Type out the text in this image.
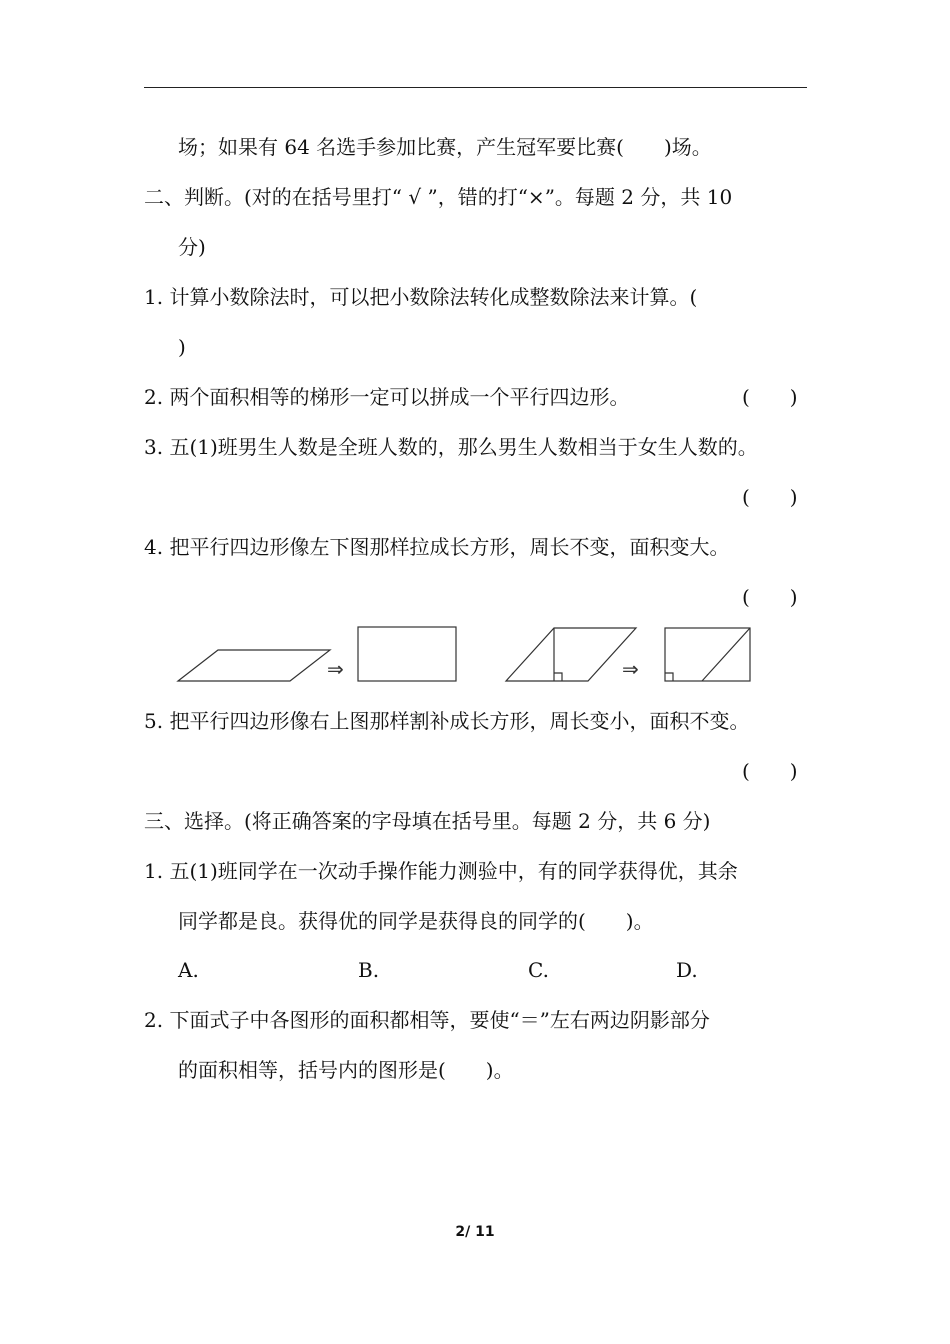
场；如果有 64 名选手参加比赛，产生冠军要比赛(　　)场。
二、判断。(对的在括号里打“ √ ”，错的打“×”。每题 2 分，共 10
分)
1. 计算小数除法时，可以把小数除法转化成整数除法来计算。(
)
2. 两个面积相等的梯形一定可以拼成一个平行四边形。	(　　)
3. 五(1)班男生人数是全班人数的，那么男生人数相当于女生人数的。
(　　)
4. 把平行四边形像左下图那样拉成长方形，周长不变，面积变大。
(　　)
⇒	⇒
5. 把平行四边形像右上图那样割补成长方形，周长变小，面积不变。
(　　)
三、选择。(将正确答案的字母填在括号里。每题 2 分，共 6 分)
1. 五(1)班同学在一次动手操作能力测验中，有的同学获得优，其余
同学都是良。获得优的同学是获得良的同学的(　　)。
A.	B.	C.	D.
2. 下面式子中各图形的面积都相等，要使“＝”左右两边阴影部分
的面积相等，括号内的图形是(　　)。
2/ 11
